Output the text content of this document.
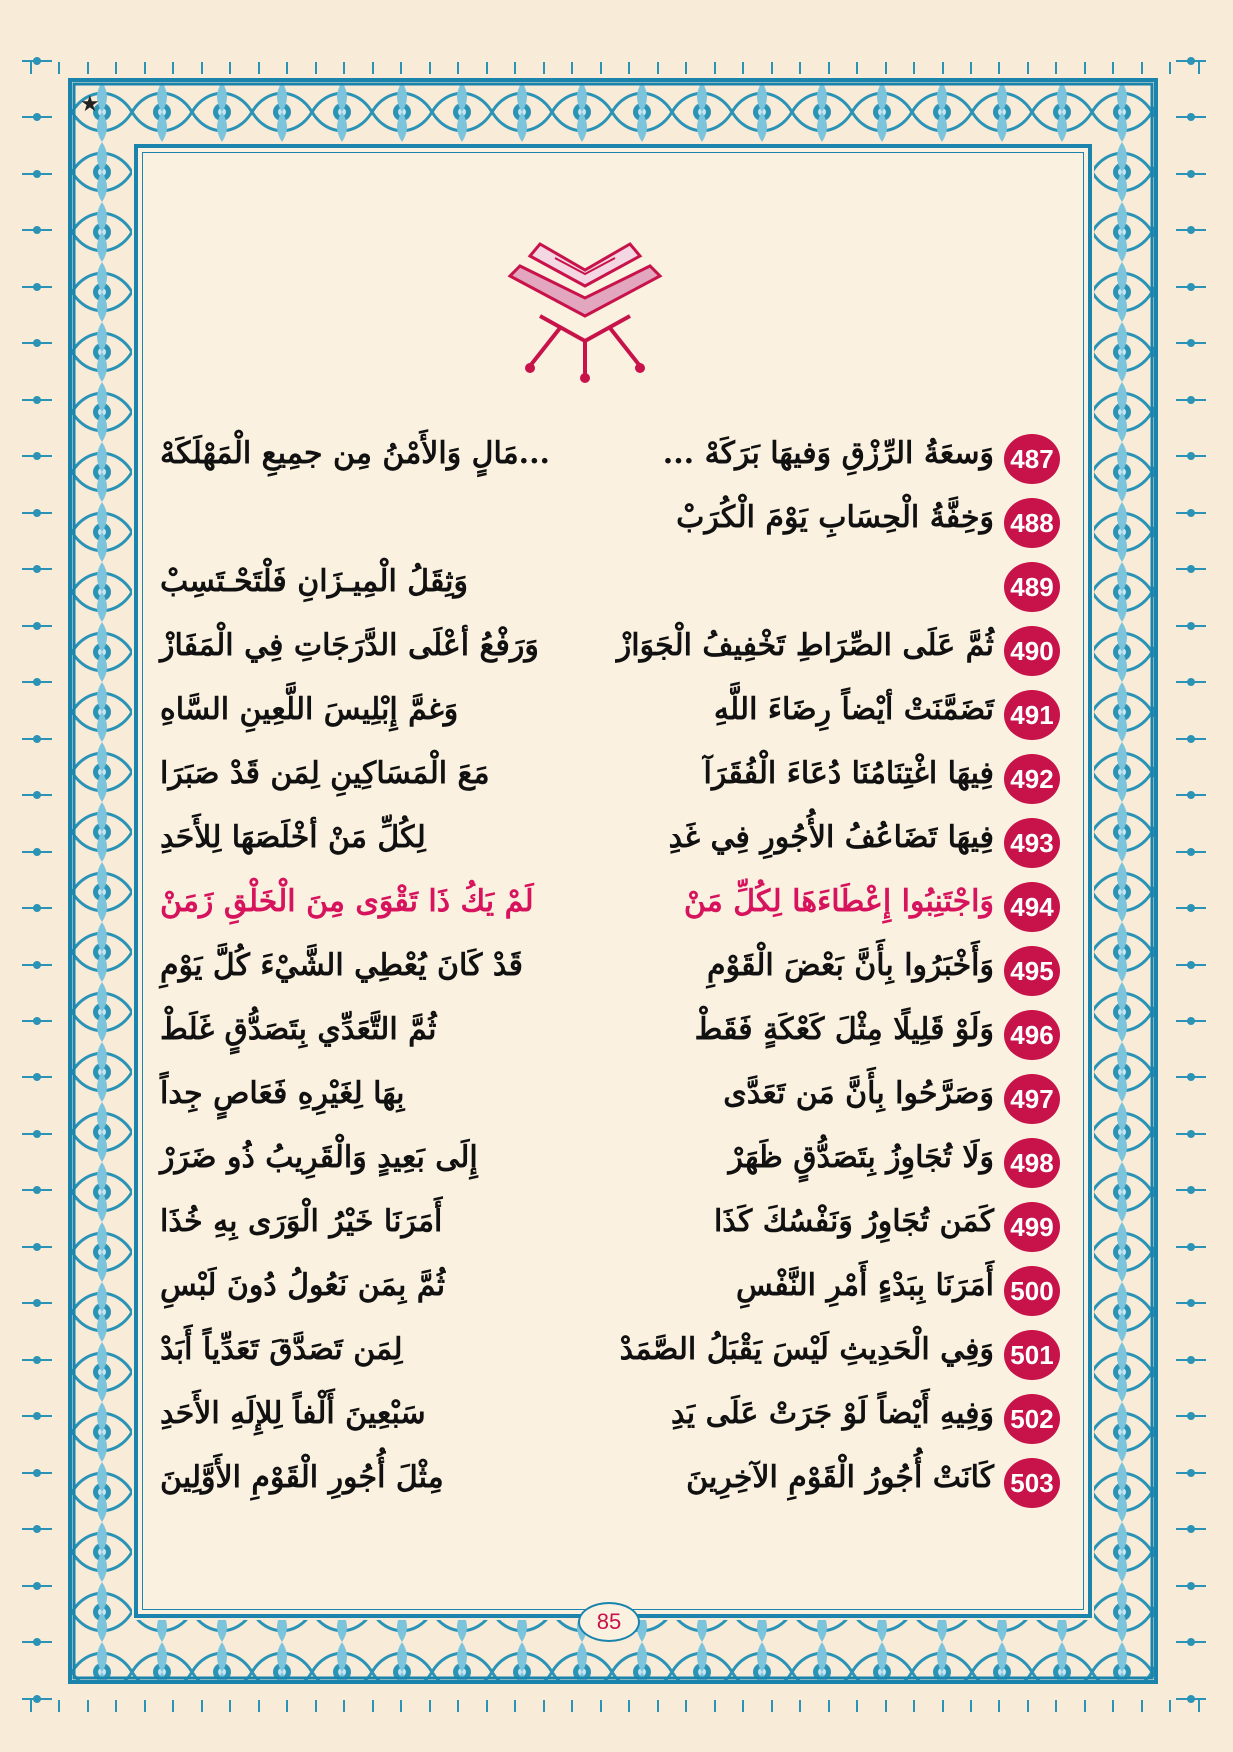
★
487
وَسعَةُ الرِّزْقِ وَفيهَا بَرَكَهْ ...
...مَالٍ وَالأَمْنُ مِن جمِيعِ الْمَهْلَكَهْ
488
وَخِفَّةُ الْحِسَابِ يَوْمَ الْكُرَبْ
489
وَثِقَلُ الْمِيـزَانِ فَلْتَحْـتَسِبْ
490
ثُمَّ عَلَى الصِّرَاطِ تَخْفِيفُ الْجَوَازْ
وَرَفْعُ أعْلَى الدَّرَجَاتِ فِي الْمَفَازْ
491
تَضَمَّنَتْ أيْضاً رِضَاءَ اللَّهِ
وَغمَّ إِبْلِيسَ اللَّعِينِ السَّاهِ
492
فِيهَا اغْتِنَامُنَا دُعَاءَ الْفُقَرَآ
مَعَ الْمَسَاكِينِ لِمَن قَدْ صَبَرَا
493
فِيهَا تَضَاعُفُ الأُجُورِ فِي غَدِ
لِكُلِّ مَنْ أخْلَصَهَا لِلأَحَدِ
494
وَاجْتَنِبُوا إِعْطَاءَهَا لِكُلِّ مَنْ
لَمْ يَكُ ذَا تَقْوَى مِنَ الْخَلْقِ زَمَنْ
495
وَأَخْبَرُوا بِأَنَّ بَعْضَ الْقَوْمِ
قَدْ كَانَ يُعْطِي الشَّيْءَ كُلَّ يَوْمِ
496
وَلَوْ قَلِيلًا مِثْلَ كَعْكَةٍ فَقَطْ
ثُمَّ التَّعَدِّي بِتَصَدُّقٍ غَلَطْ
497
وَصَرَّحُوا بِأَنَّ مَن تَعَدَّى
بِهَا لِغَيْرِهِ فَعَاصٍ جِداً
498
وَلَا تُجَاوِزُ بِتَصَدُّقٍ ظَهَرْ
إِلَى بَعِيدٍ وَالْقَرِيبُ ذُو ضَرَرْ
499
كَمَن تُجَاوِرُ وَنَفْسُكَ كَذَا
أَمَرَنَا خَيْرُ الْوَرَى بِهِ خُذَا
500
أَمَرَنَا بِبَدْءٍ أَمْرِ النَّفْسِ
ثُمَّ بِمَن نَعُولُ دُونَ لَبْسِ
501
وَفِي الْحَدِيثِ لَيْسَ يَقْبَلُ الصَّمَدْ
لِمَن تَصَدَّقَ تَعَدِّياً أَبَدْ
502
وَفِيهِ أَيْضاً لَوْ جَرَتْ عَلَى يَدِ
سَبْعِينَ أَلْفاً لِلإِلَهِ الأَحَدِ
503
كَانَتْ أُجُورُ الْقَوْمِ الآخِرِينَ
مِثْلَ أُجُورِ الْقَوْمِ الأَوَّلِينَ
85
